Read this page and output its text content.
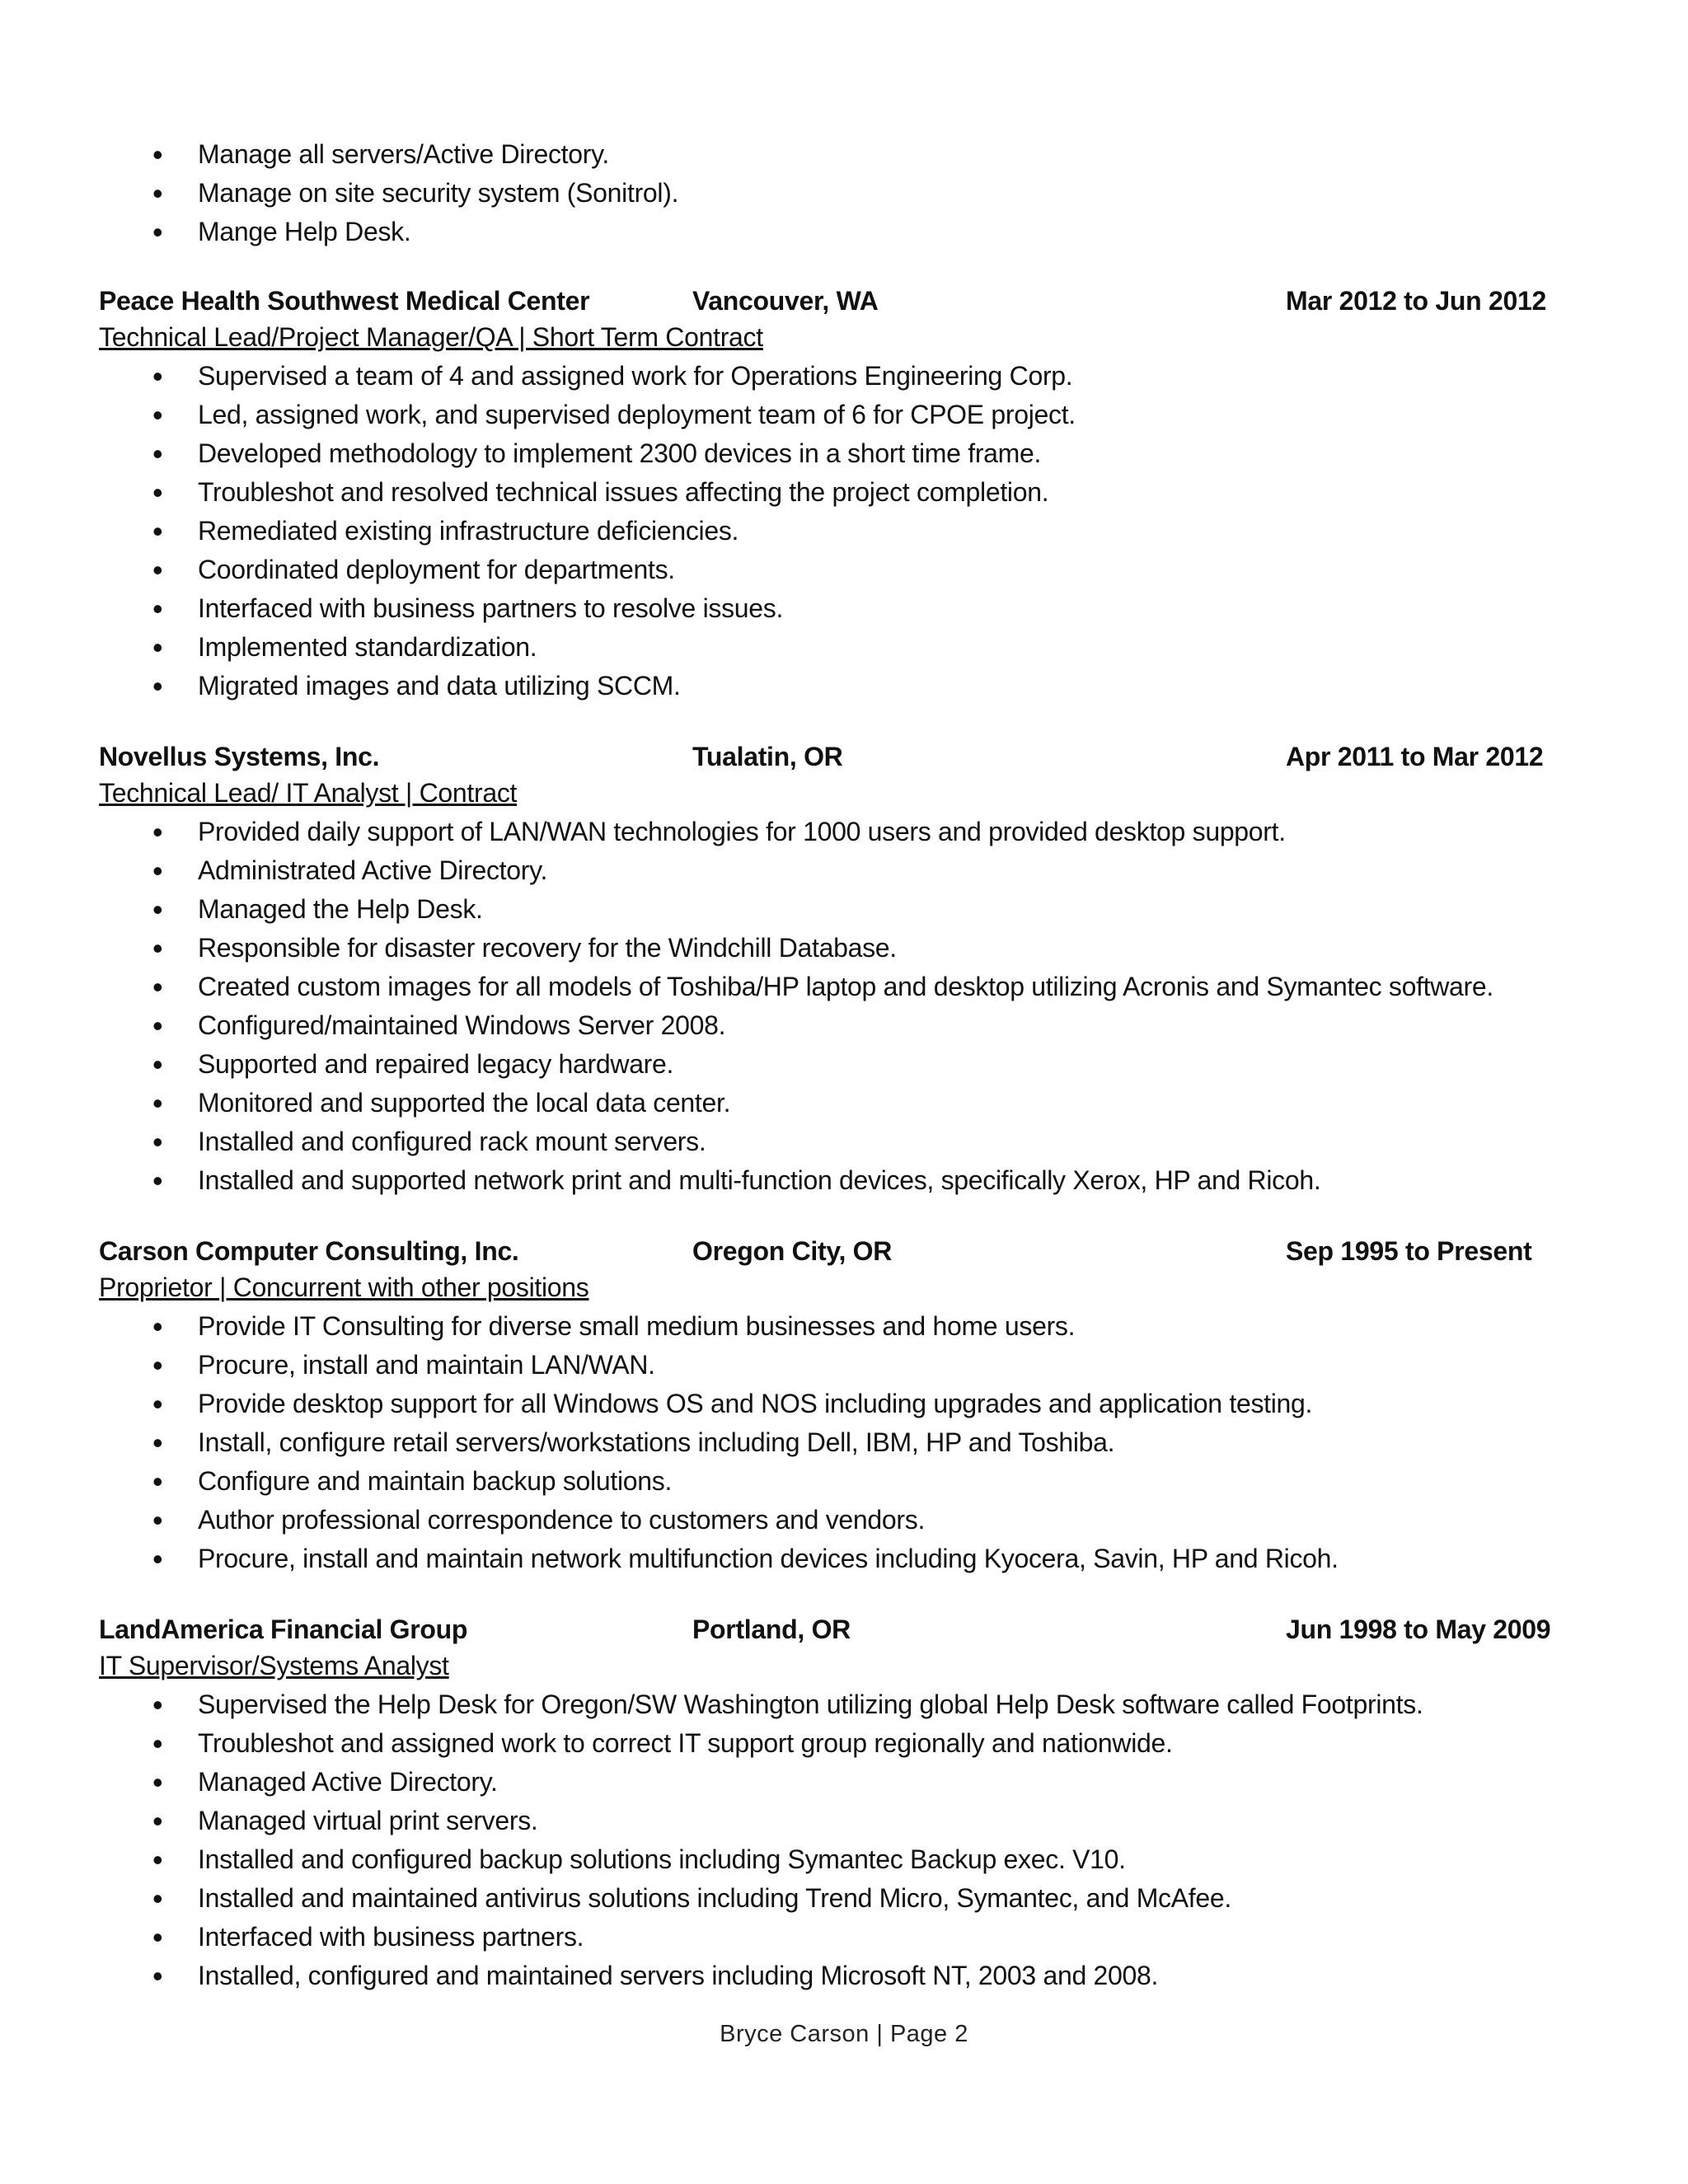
• Manage all servers/Active Directory.
• Manage on site security system (Sonitrol).
• Mange Help Desk.
Peace Health Southwest Medical Center	Vancouver, WA	Mar 2012 to Jun 2012
Technical Lead/Project Manager/QA | Short Term Contract
• Supervised a team of 4 and assigned work for Operations Engineering Corp.
• Led, assigned work, and supervised deployment team of 6 for CPOE project.
• Developed methodology to implement 2300 devices in a short time frame.
• Troubleshot and resolved technical issues affecting the project completion.
• Remediated existing infrastructure deficiencies.
• Coordinated deployment for departments.
• Interfaced with business partners to resolve issues.
• Implemented standardization.
• Migrated images and data utilizing SCCM.
Novellus Systems, Inc.	Tualatin, OR	Apr 2011 to Mar 2012
Technical Lead/ IT Analyst | Contract
• Provided daily support of LAN/WAN technologies for 1000 users and provided desktop support.
• Administrated Active Directory.
• Managed the Help Desk.
• Responsible for disaster recovery for the Windchill Database.
• Created custom images for all models of Toshiba/HP laptop and desktop utilizing Acronis and Symantec software.
• Configured/maintained Windows Server 2008.
• Supported and repaired legacy hardware.
• Monitored and supported the local data center.
• Installed and configured rack mount servers.
• Installed and supported network print and multi-function devices, specifically Xerox, HP and Ricoh.
Carson Computer Consulting, Inc.	Oregon City, OR	Sep 1995 to Present
Proprietor | Concurrent with other positions
• Provide IT Consulting for diverse small medium businesses and home users.
• Procure, install and maintain LAN/WAN.
• Provide desktop support for all Windows OS and NOS including upgrades and application testing.
• Install, configure retail servers/workstations including Dell, IBM, HP and Toshiba.
• Configure and maintain backup solutions.
• Author professional correspondence to customers and vendors.
• Procure, install and maintain network multifunction devices including Kyocera, Savin, HP and Ricoh.
LandAmerica Financial Group	Portland, OR	Jun 1998 to May 2009
IT Supervisor/Systems Analyst
• Supervised the Help Desk for Oregon/SW Washington utilizing global Help Desk software called Footprints.
• Troubleshot and assigned work to correct IT support group regionally and nationwide.
• Managed Active Directory.
• Managed virtual print servers.
• Installed and configured backup solutions including Symantec Backup exec. V10.
• Installed and maintained antivirus solutions including Trend Micro, Symantec, and McAfee.
• Interfaced with business partners.
• Installed, configured and maintained servers including Microsoft NT, 2003 and 2008.
Bryce Carson | Page 2
